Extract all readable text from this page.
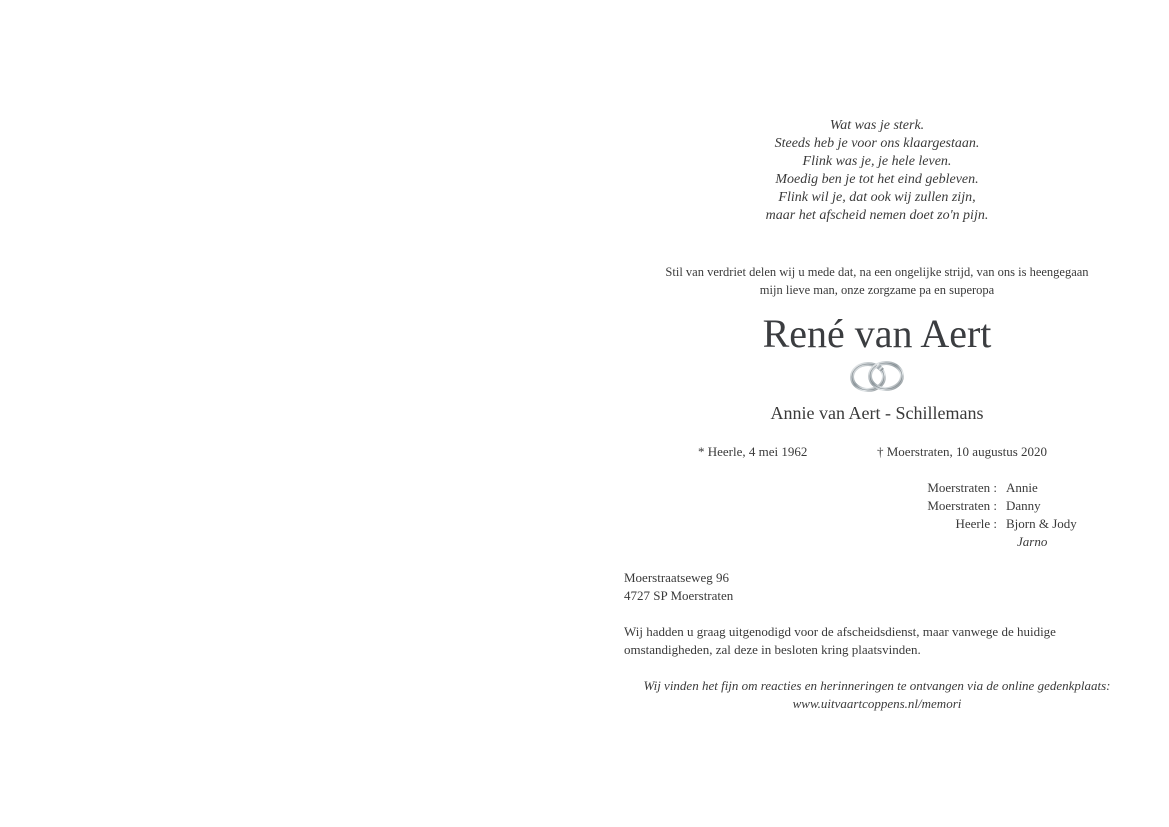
Wat was je sterk.
Steeds heb je voor ons klaargestaan.
Flink was je, je hele leven.
Moedig ben je tot het eind gebleven.
Flink wil je, dat ook wij zullen zijn,
maar het afscheid nemen doet zo'n pijn.
Stil van verdriet delen wij u mede dat, na een ongelijke strijd, van ons is heengegaan
mijn lieve man, onze zorgzame pa en superopa
René van Aert
Annie van Aert - Schillemans
* Heerle, 4 mei 1962	† Moerstraten, 10 augustus 2020
Moerstraten : Annie
Moerstraten : Danny
Heerle : Bjorn & Jody
Jarno
Moerstraatseweg 96
4727 SP Moerstraten
Wij hadden u graag uitgenodigd voor de afscheidsdienst, maar vanwege de huidige
omstandigheden, zal deze in besloten kring plaatsvinden.
Wij vinden het fijn om reacties en herinneringen te ontvangen via de online gedenkplaats:
www.uitvaartcoppens.nl/memori
